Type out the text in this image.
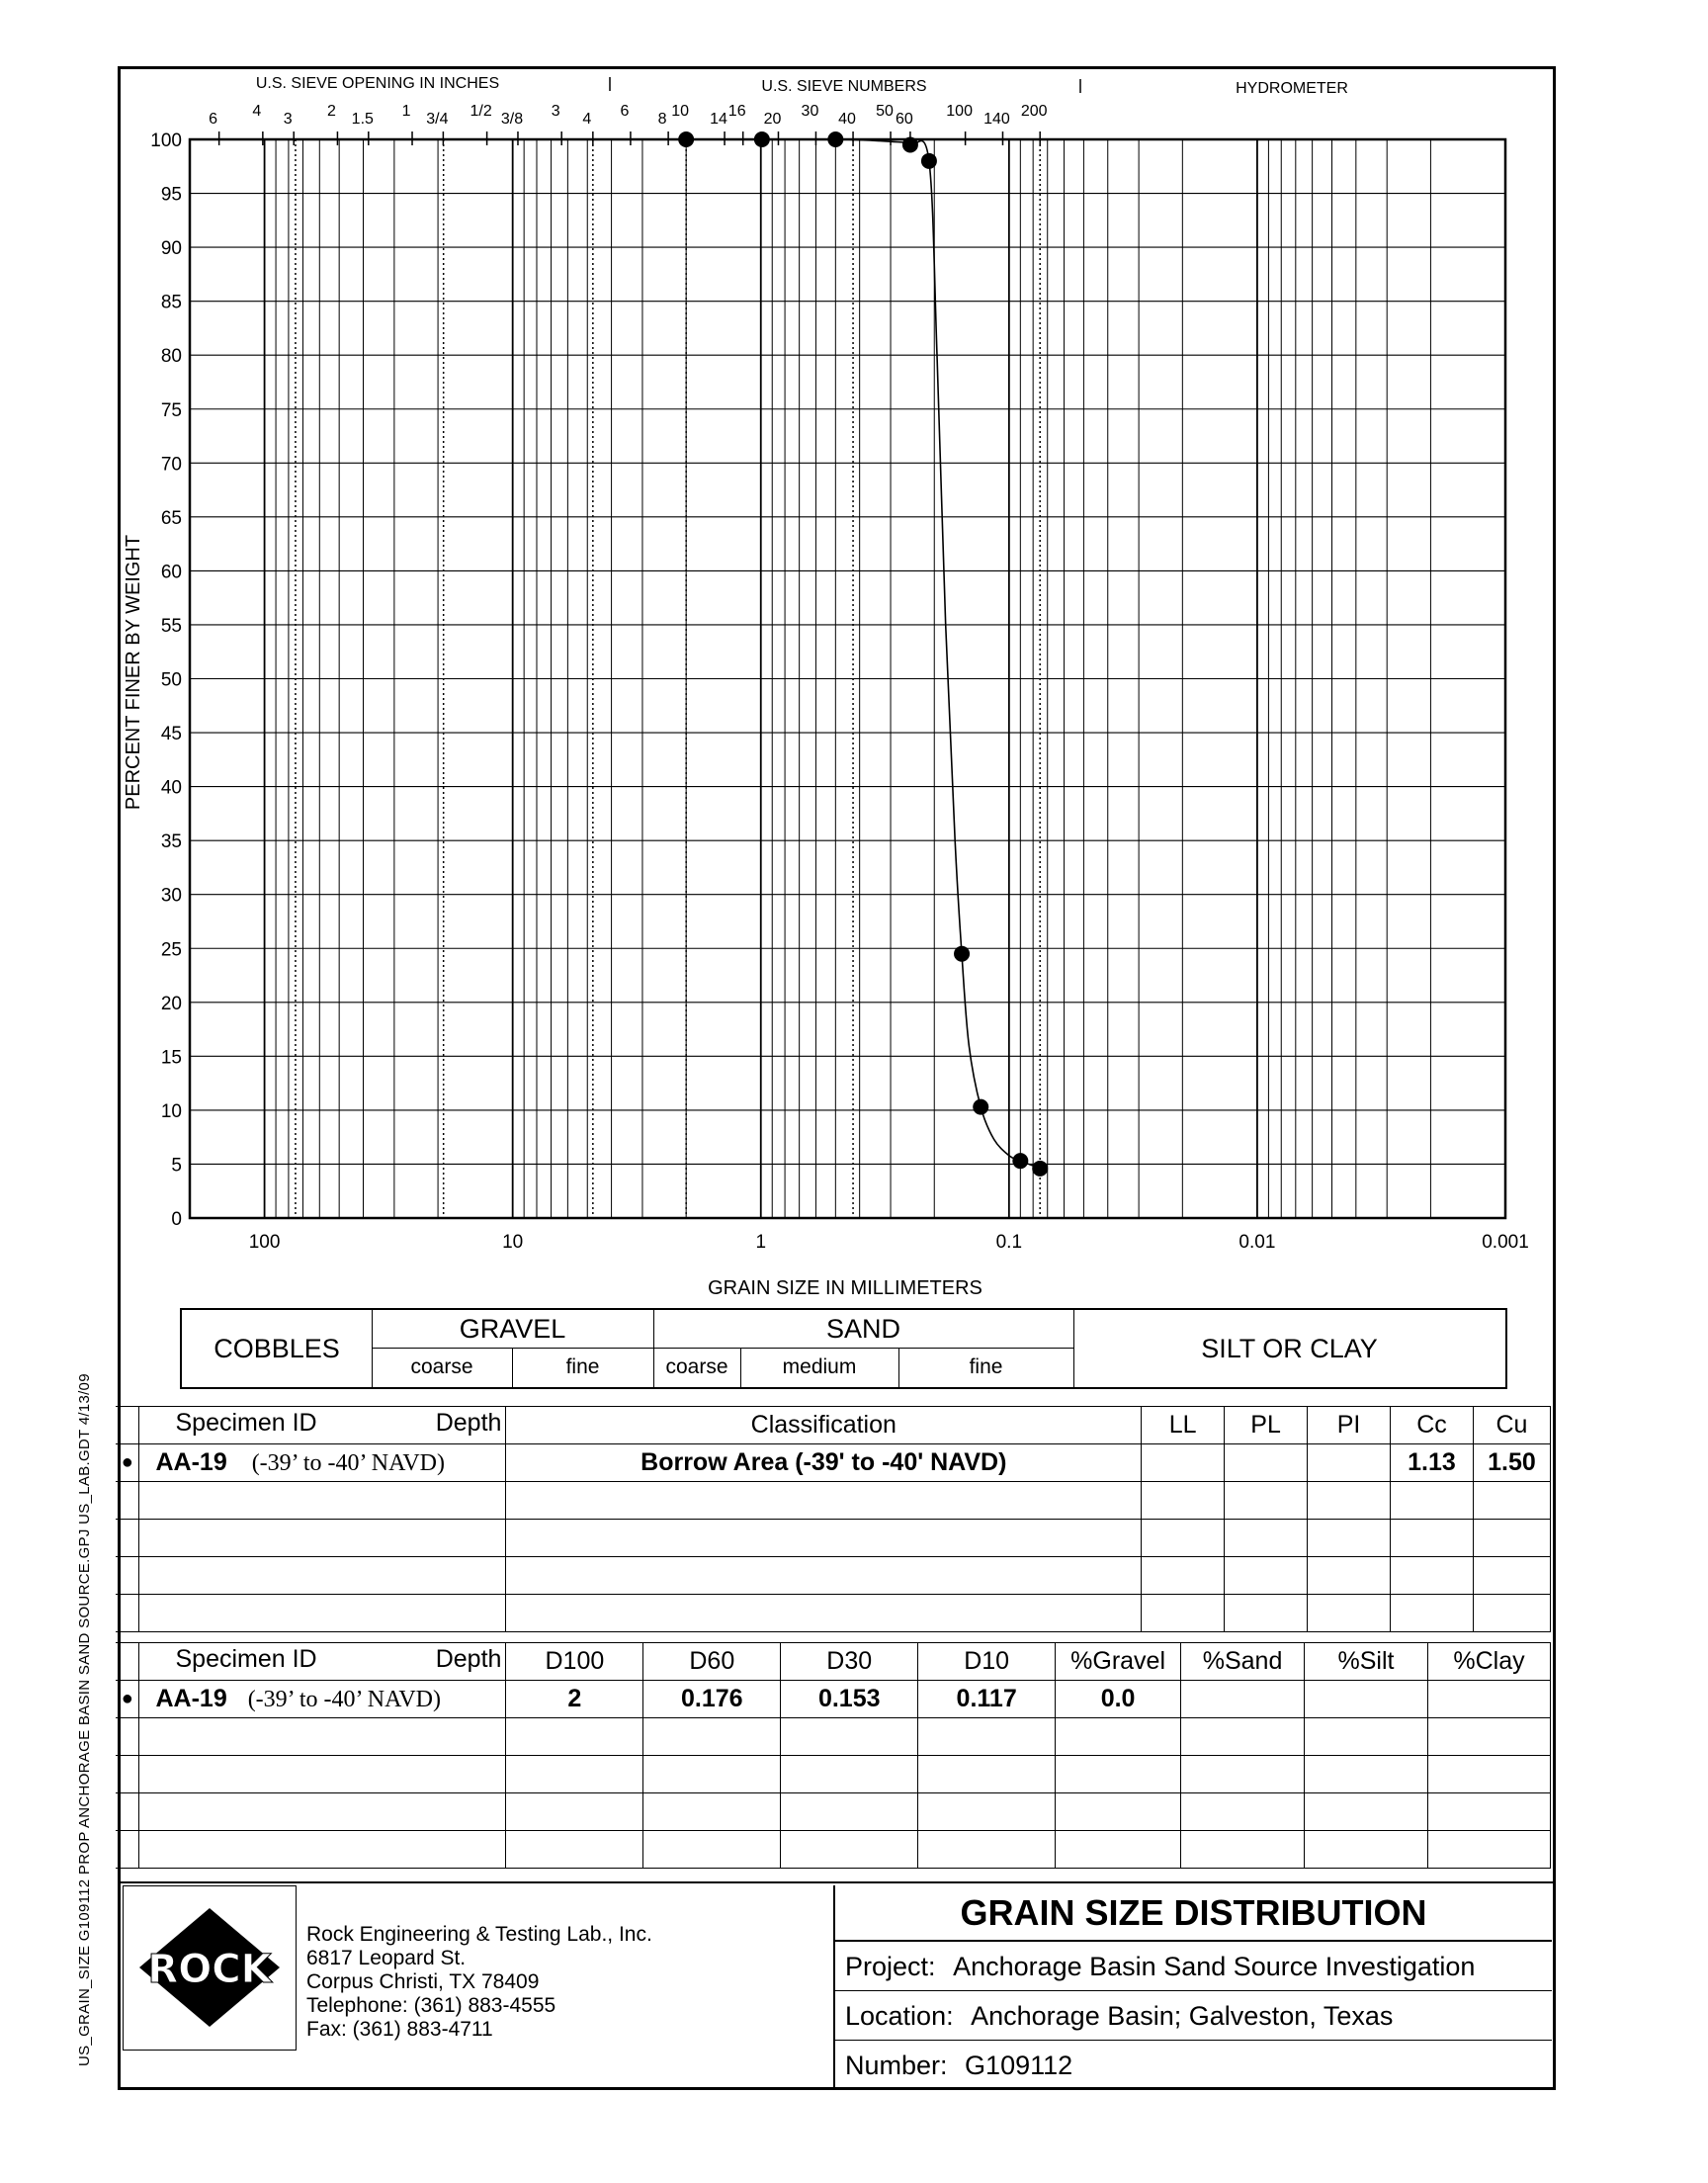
US_GRAIN_SIZE G109112 PROP ANCHORAGE BASIN SAND SOURCE.GPJ US_LAB.GDT 4/13/09
0
5
10
15
20
25
30
35
40
45
50
55
60
65
70
75
80
85
90
95
100
100	10	1	0.1	0.01	0.001
6 4 3 2 1.5 1 3/4 1/2 3/8 3 4 6 8 10 14 16 20 30 40 50 60 100 140 200
U.S. SIEVE OPENING IN INCHES	U.S. SIEVE NUMBERS	HYDROMETER
GRAIN SIZE IN MILLIMETERS
PERCENT FINER BY WEIGHT
COBBLES
GRAVEL
coarse	fine
SAND
coarse	medium	fine
SILT OR CLAY

	Specimen ID Depth	Classification	LL	PL	PI	Cc	Cu
●	AA-19 (-39’ to -40’ NAVD)	Borrow Area (-39' to -40' NAVD)				1.13	1.50

	Specimen ID Depth	D100	D60	D30	D10	%Gravel	%Sand	%Silt	%Clay
●	AA-19 (-39’ to -40’ NAVD)	2	0.176	0.153	0.117	0.0			

ROCK
Rock Engineering & Testing Lab., Inc.
6817 Leopard St.
Corpus Christi, TX 78409
Telephone: (361) 883-4555
Fax: (361) 883-4711
GRAIN SIZE DISTRIBUTION
Project: Anchorage Basin Sand Source Investigation
Location: Anchorage Basin; Galveston, Texas
Number: G109112
